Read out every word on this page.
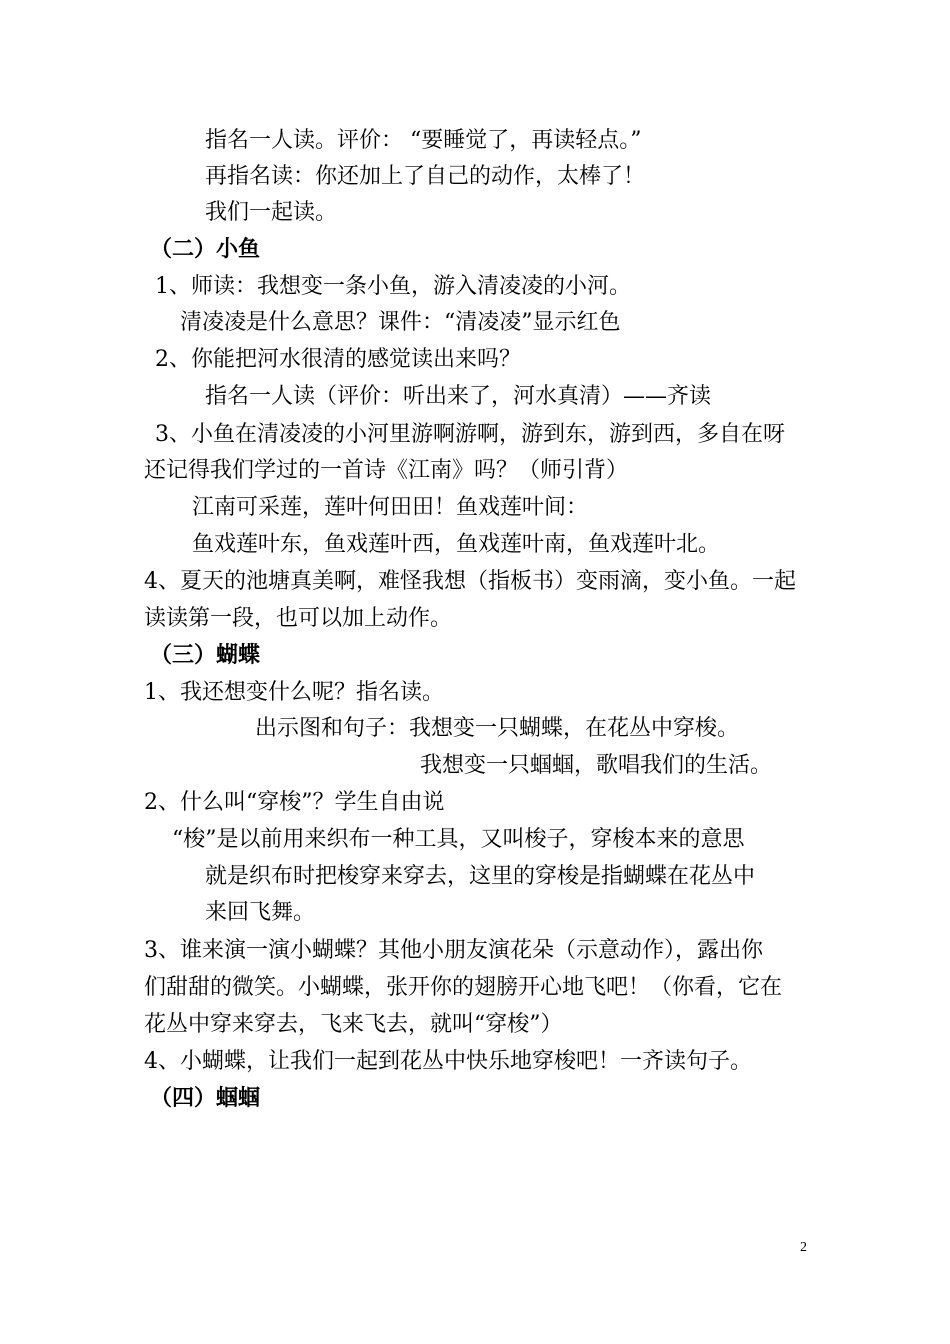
指名一人读。评价： “要睡觉了，再读轻点。”
再指名读：你还加上了自己的动作，太棒了！
我们一起读。
（二）小鱼
1、师读：我想变一条小鱼，游入清凌凌的小河。
清凌凌是什么意思？课件：“清凌凌”显示红色
2、你能把河水很清的感觉读出来吗？
指名一人读（评价：听出来了，河水真清）——齐读
3、小鱼在清凌凌的小河里游啊游啊，游到东，游到西，多自在呀
还记得我们学过的一首诗《江南》吗？（师引背）
江南可采莲，莲叶何田田！鱼戏莲叶间：
鱼戏莲叶东，鱼戏莲叶西，鱼戏莲叶南，鱼戏莲叶北。
4、夏天的池塘真美啊，难怪我想（指板书）变雨滴，变小鱼。一起
读读第一段，也可以加上动作。
（三）蝴蝶
1、我还想变什么呢？指名读。
出示图和句子：我想变一只蝴蝶，在花丛中穿梭。
我想变一只蝈蝈，歌唱我们的生活。
2、什么叫“穿梭”？学生自由说
“梭”是以前用来织布一种工具，又叫梭子，穿梭本来的意思
就是织布时把梭穿来穿去，这里的穿梭是指蝴蝶在花丛中
来回飞舞。
3、谁来演一演小蝴蝶？其他小朋友演花朵（示意动作），露出你
们甜甜的微笑。小蝴蝶，张开你的翅膀开心地飞吧！（你看，它在
花丛中穿来穿去，飞来飞去，就叫“穿梭”）
4、小蝴蝶，让我们一起到花丛中快乐地穿梭吧！一齐读句子。
（四）蝈蝈
2
